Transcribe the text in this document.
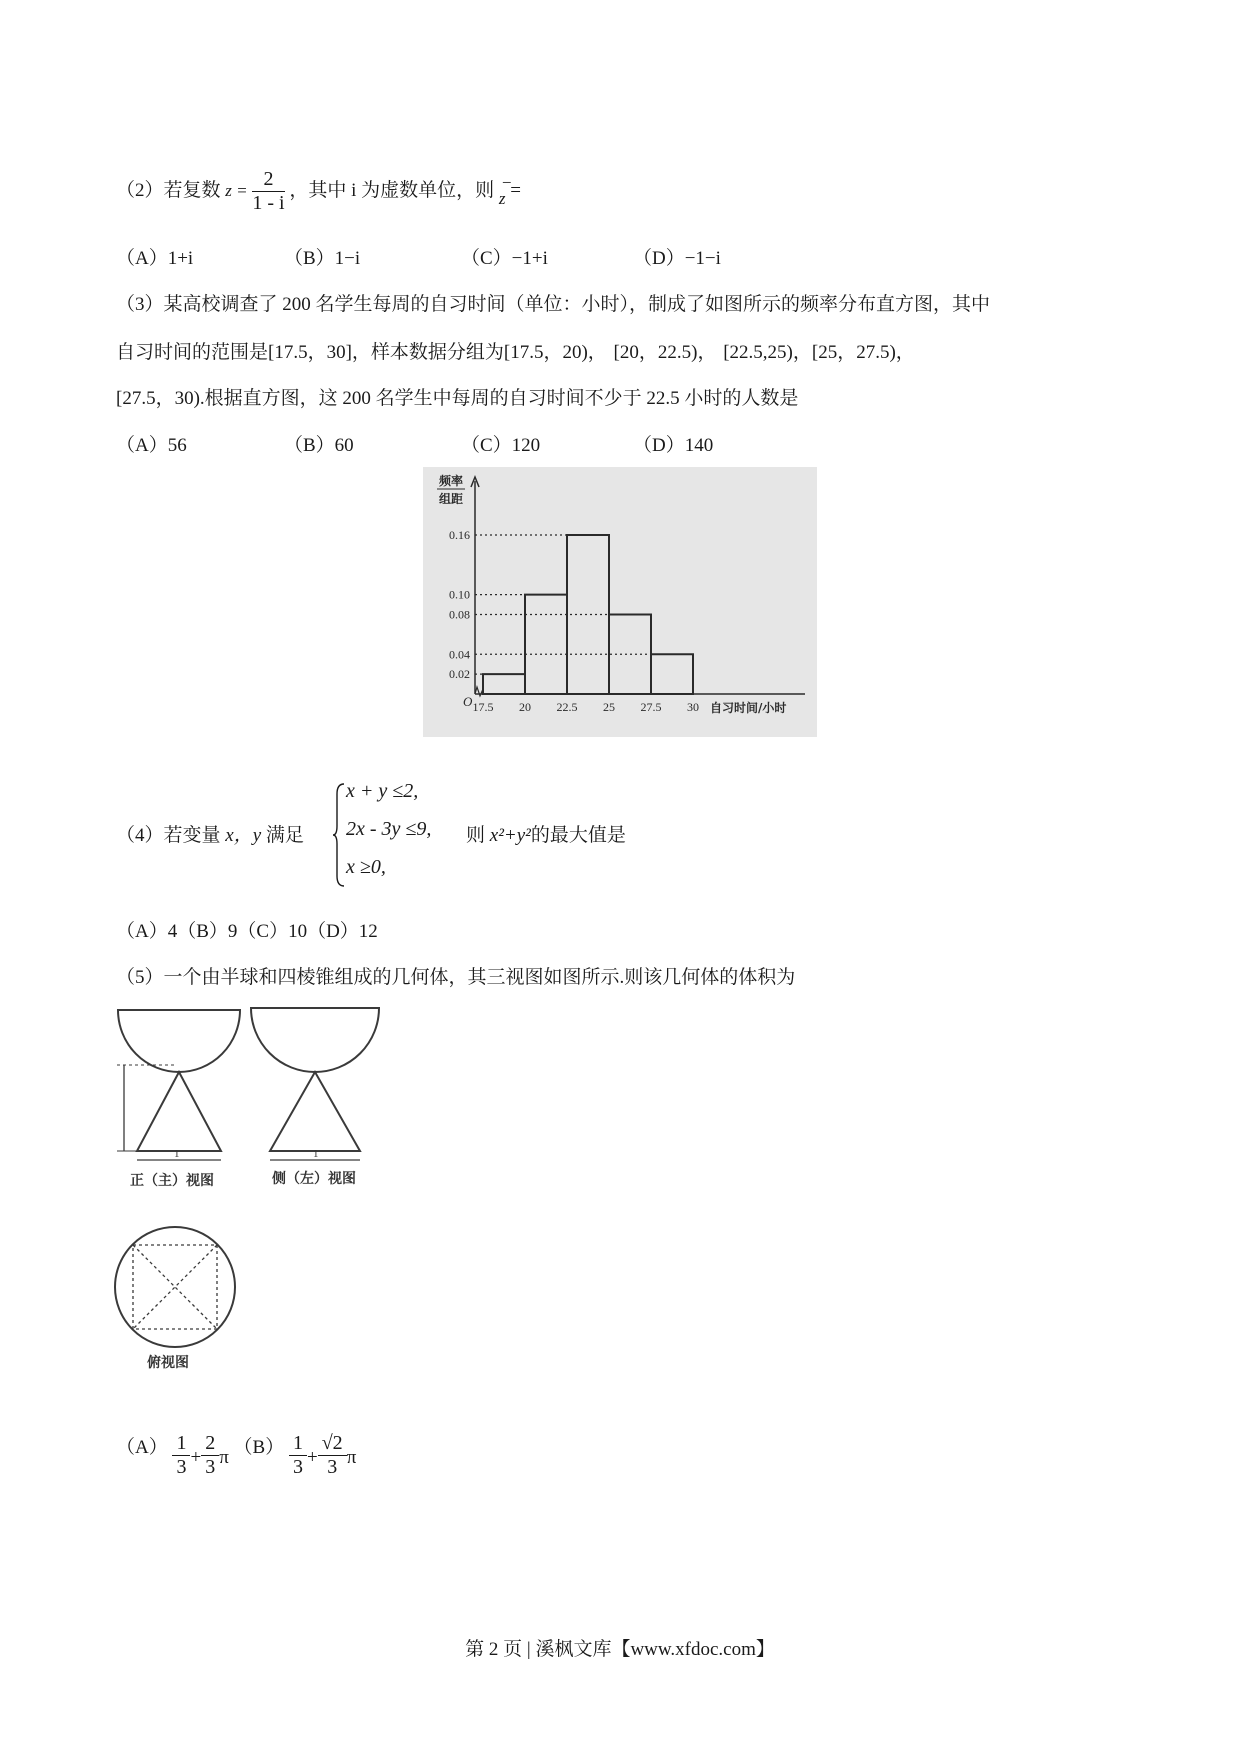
（2）若复数 $z = \frac{2}{1 - i}$ ，其中 i 为虚数单位，则 −
z =
（A）1+i	（B）1−i	（C）−1+i	（D）−1−i
（3）某高校调查了 200 名学生每周的自习时间（单位：小时），制成了如图所示的频率分布直方图，其中
自习时间的范围是[17.5，30]，样本数据分组为[17.5，20)， [20，22.5)， [22.5,25)，[25，27.5)，
[27.5，30).根据直方图，这 200 名学生中每周的自习时间不少于 22.5 小时的人数是
（A）56	（B）60	（C）120	（D）140
0.16
0.10
0.08
0.04
0.02
频率
组距
17.5 20 22.5 25 27.5 30
O	自习时间/小时
（4）若变量 x，y 满足
x + y ≤2,
2x - 3y ≤9,
x ≥0,
则 x²+y²的最大值是
（A）4（B）9（C）10（D）12
（5）一个由半球和四棱锥组成的几何体，其三视图如图所示.则该几何体的体积为
1
正（主）视图
1
侧（左）视图
俯视图
$(A) \frac{1}{3} + \frac{2}{3}$ π $(B) \frac{1}{3} + \frac{√2}{3}$ π
第 2 页 | 溪枫文库【www.xfdoc.com】
